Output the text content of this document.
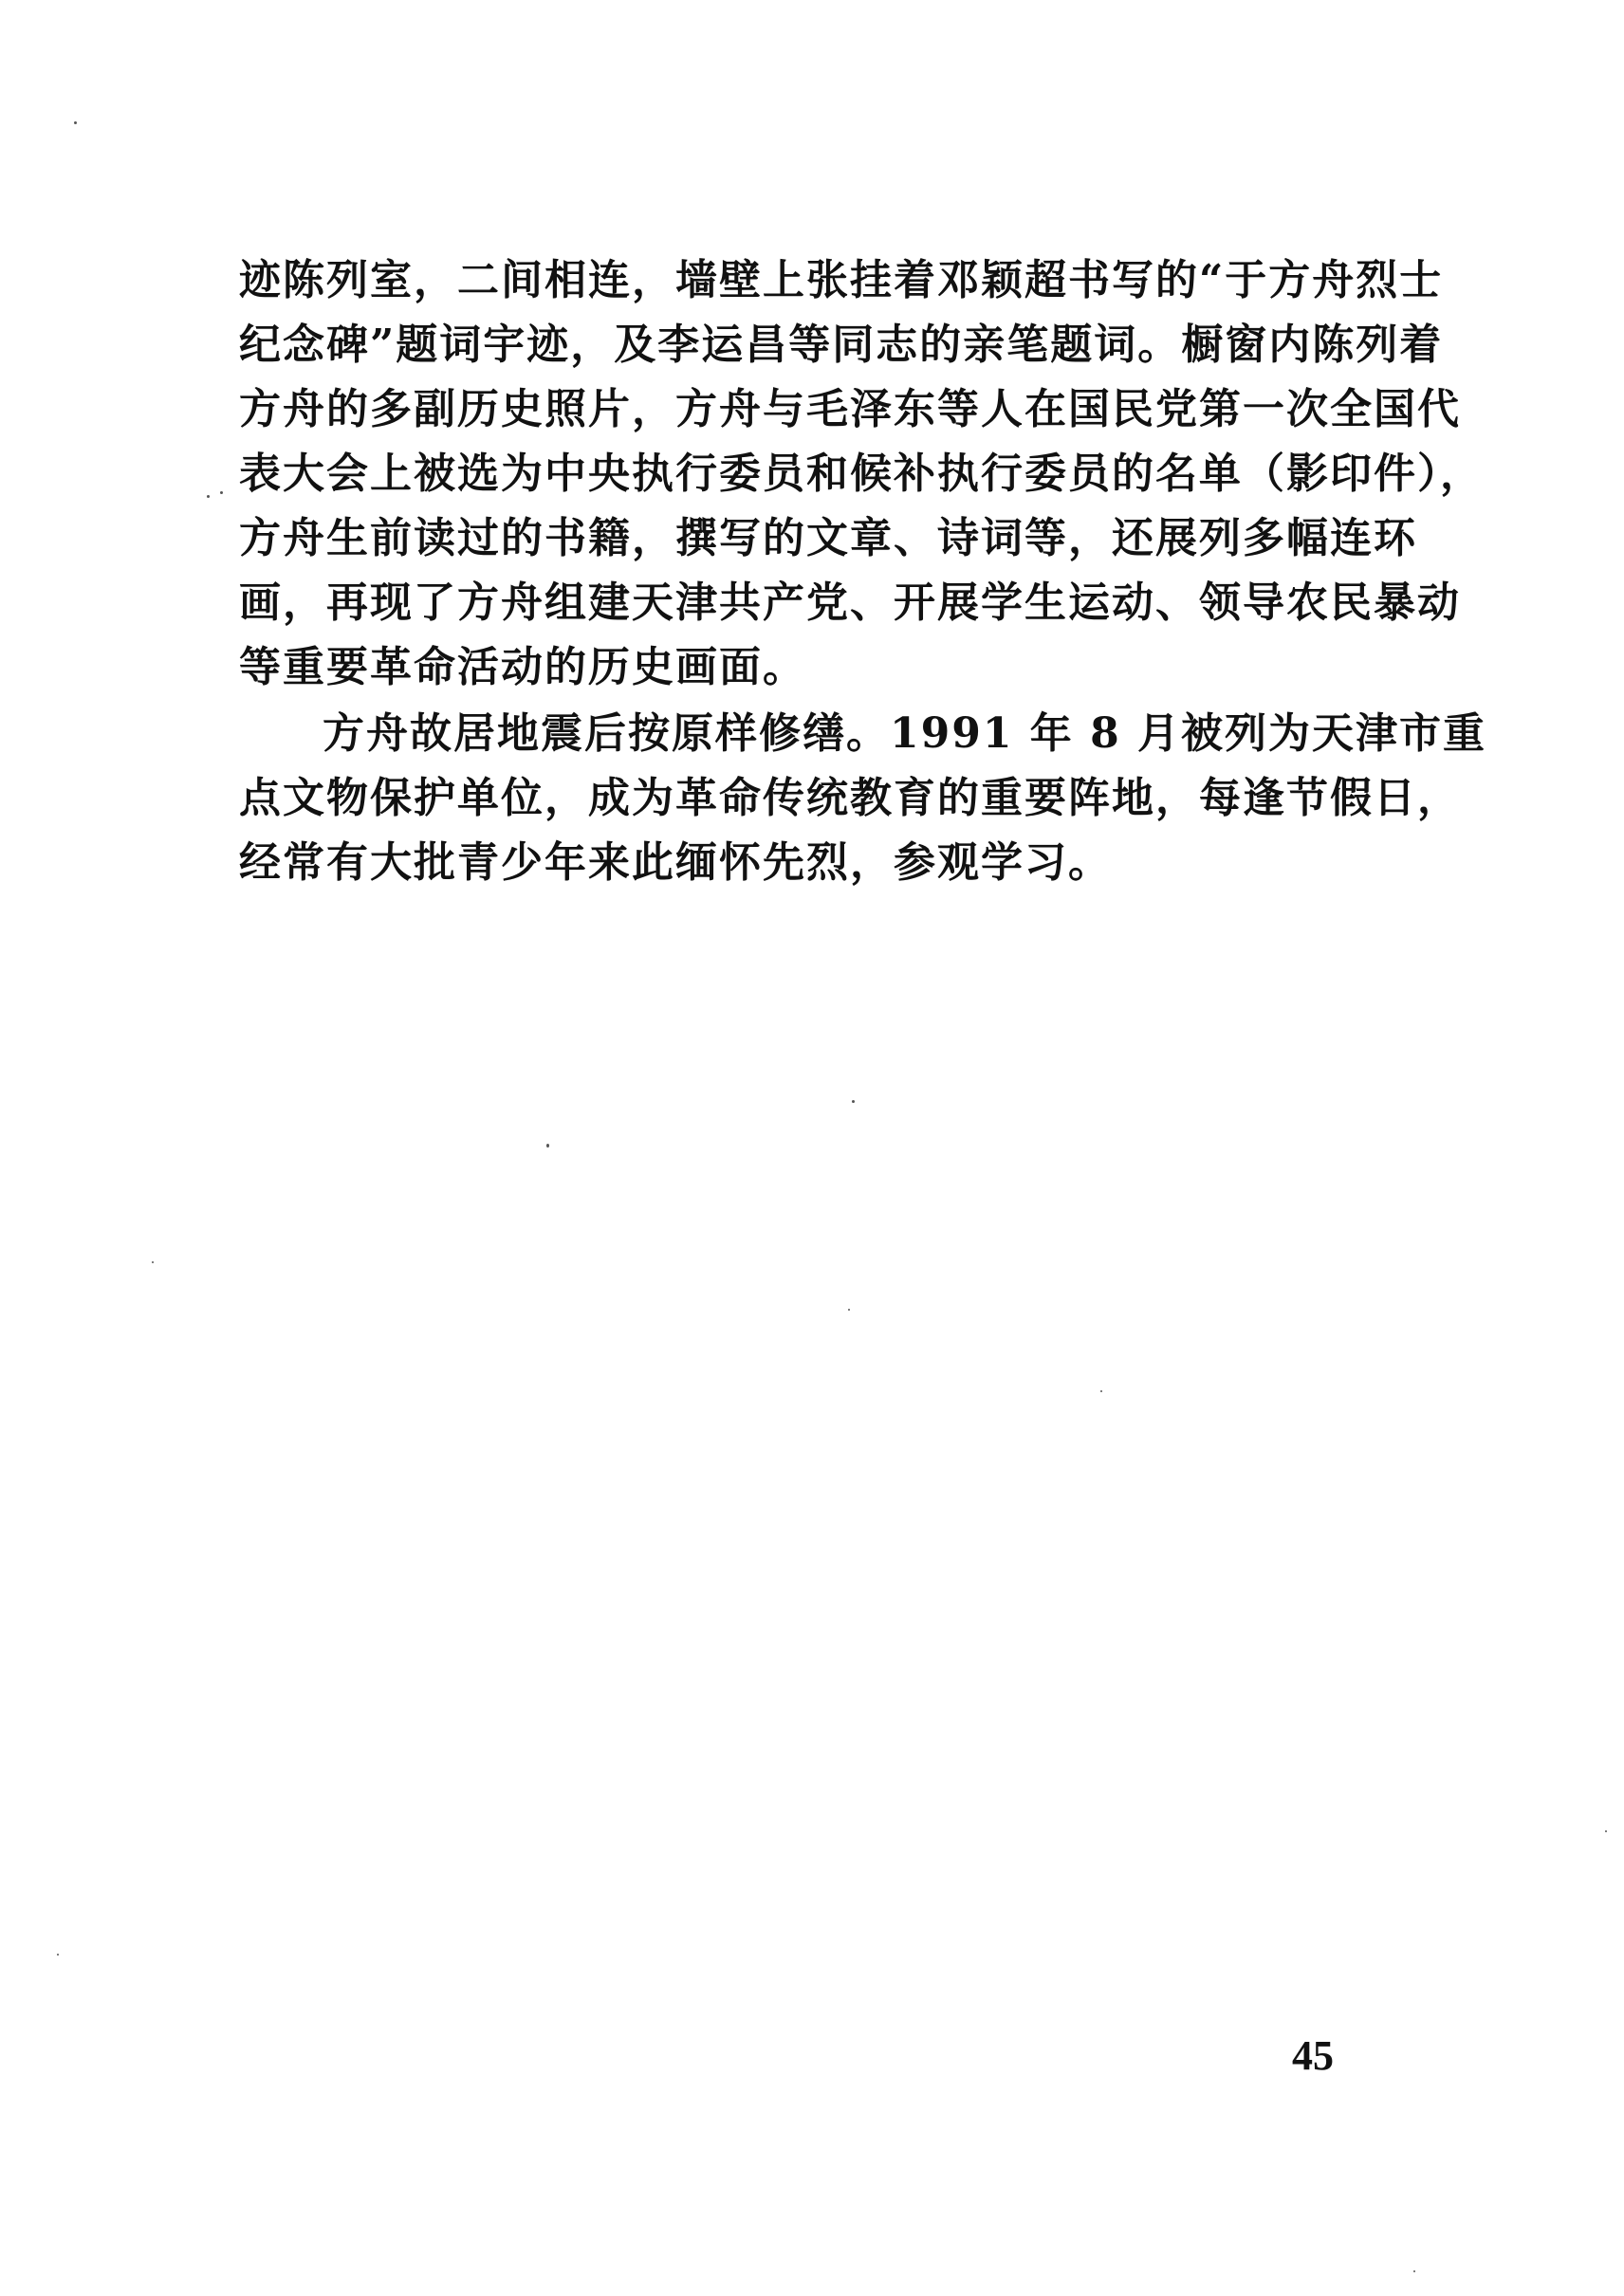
迹陈列室，二间相连，墙壁上张挂着邓颖超书写的“于方舟烈士
纪念碑”题词宇迹，及李运昌等同志的亲笔题词。橱窗内陈列着
方舟的多副历史照片，方舟与毛泽东等人在国民党第一次全国代
表大会上被选为中央执行委员和候补执行委员的名单（影印件），
方舟生前读过的书籍，撰写的文章、诗词等，还展列多幅连环
画，再现了方舟组建天津共产党、开展学生运动、领导农民暴动
等重要革命活动的历史画面。

方舟故居地震后按原样修缮。1991 年 8 月被列为天津市重
点文物保护单位，成为革命传统教育的重要阵地，每逢节假日，
经常有大批青少年来此缅怀先烈，参观学习。

45
